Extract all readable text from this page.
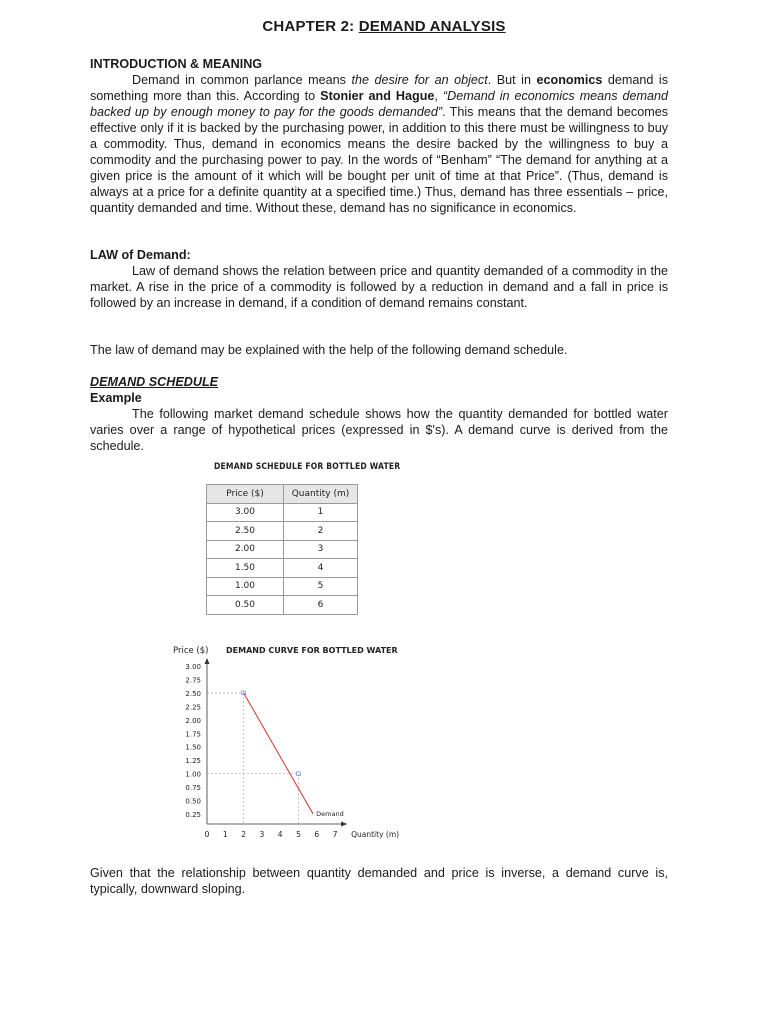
CHAPTER 2: DEMAND ANALYSIS
INTRODUCTION & MEANING

Demand in common parlance means the desire for an object. But in economics demand is something more than this. According to Stonier and Hague, “Demand in economics means demand backed up by enough money to pay for the goods demanded”. This means that the demand becomes effective only if it is backed by the purchasing power, in addition to this there must be willingness to buy a commodity. Thus, demand in economics means the desire backed by the willingness to buy a commodity and the purchasing power to pay. In the words of “Benham” “The demand for anything at a given price is the amount of it which will be bought per unit of time at that Price”. (Thus, demand is always at a price for a definite quantity at a specified time.) Thus, demand has three essentials – price, quantity demanded and time. Without these, demand has no significance in economics.

LAW of Demand:

Law of demand shows the relation between price and quantity demanded of a commodity in the market. A rise in the price of a commodity is followed by a reduction in demand and a fall in price is followed by an increase in demand, if a condition of demand remains constant.

The law of demand may be explained with the help of the following demand schedule.

DEMAND SCHEDULE
Example

The following market demand schedule shows how the quantity demanded for bottled water varies over a range of hypothetical prices (expressed in $'s). A demand curve is derived from the schedule.

DEMAND SCHEDULE FOR BOTTLED WATER
Price ($)	Quantity (m)
3.00	1
2.50	2
2.00	3
1.50	4
1.00	5
0.50	6
Price ($) DEMAND CURVE FOR BOTTLED WATER
3.00
2.75
2.50
2.25
2.00
1.75
1.50
1.25
1.00
0.75
0.50
0.25
0 1 2 3 4 5 6 7 Quantity (m)
Demand

Given that the relationship between quantity demanded and price is inverse, a demand curve is, typically, downward sloping.
